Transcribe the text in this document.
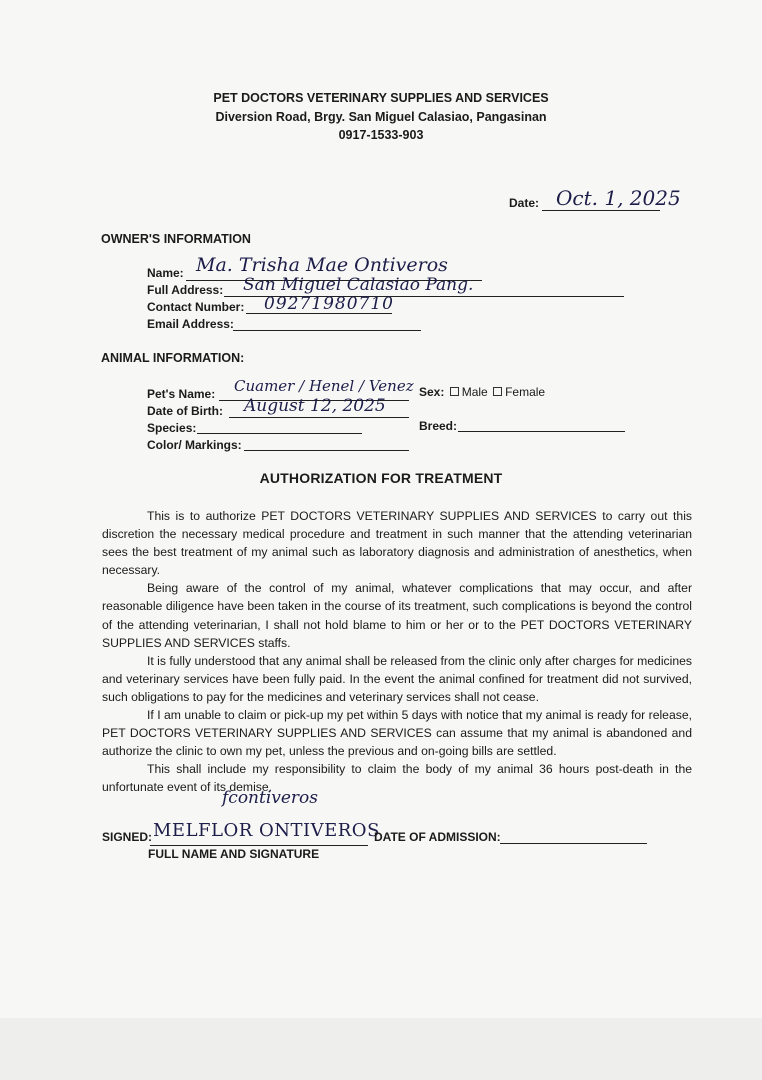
PET DOCTORS VETERINARY SUPPLIES AND SERVICES
Diversion Road, Brgy. San Miguel Calasiao, Pangasinan
0917-1533-903
Date: Oct. 1, 2025
OWNER'S INFORMATION
Name: Ma. Trisha Mae Ontiveros
Full Address: San Miguel Calasiao Pang.
Contact Number: 09271980710
Email Address:
ANIMAL INFORMATION:
Pet's Name: Cuamer / Henel / Venez Sex: Male Female
Date of Birth: August 12, 2025
Species:	Breed:
Color/ Markings:
AUTHORIZATION FOR TREATMENT

This is to authorize PET DOCTORS VETERINARY SUPPLIES AND SERVICES to carry out this discretion the necessary medical procedure and treatment in such manner that the attending veterinarian sees the best treatment of my animal such as laboratory diagnosis and administration of anesthetics, when necessary.

Being aware of the control of my animal, whatever complications that may occur, and after reasonable diligence have been taken in the course of its treatment, such complications is beyond the control of the attending veterinarian, I shall not hold blame to him or her or to the PET DOCTORS VETERINARY SUPPLIES AND SERVICES staffs.

It is fully understood that any animal shall be released from the clinic only after charges for medicines and veterinary services have been fully paid. In the event the animal confined for treatment did not survived, such obligations to pay for the medicines and veterinary services shall not cease.

If I am unable to claim or pick-up my pet within 5 days with notice that my animal is ready for release, PET DOCTORS VETERINARY SUPPLIES AND SERVICES can assume that my animal is abandoned and authorize the clinic to own my pet, unless the previous and on-going bills are settled.

This shall include my responsibility to claim the body of my animal 36 hours post-death in the unfortunate event of its demise.

fcontiveros
SIGNED: MELFLOR ONTIVEROS
FULL NAME AND SIGNATURE
DATE OF ADMISSION:
